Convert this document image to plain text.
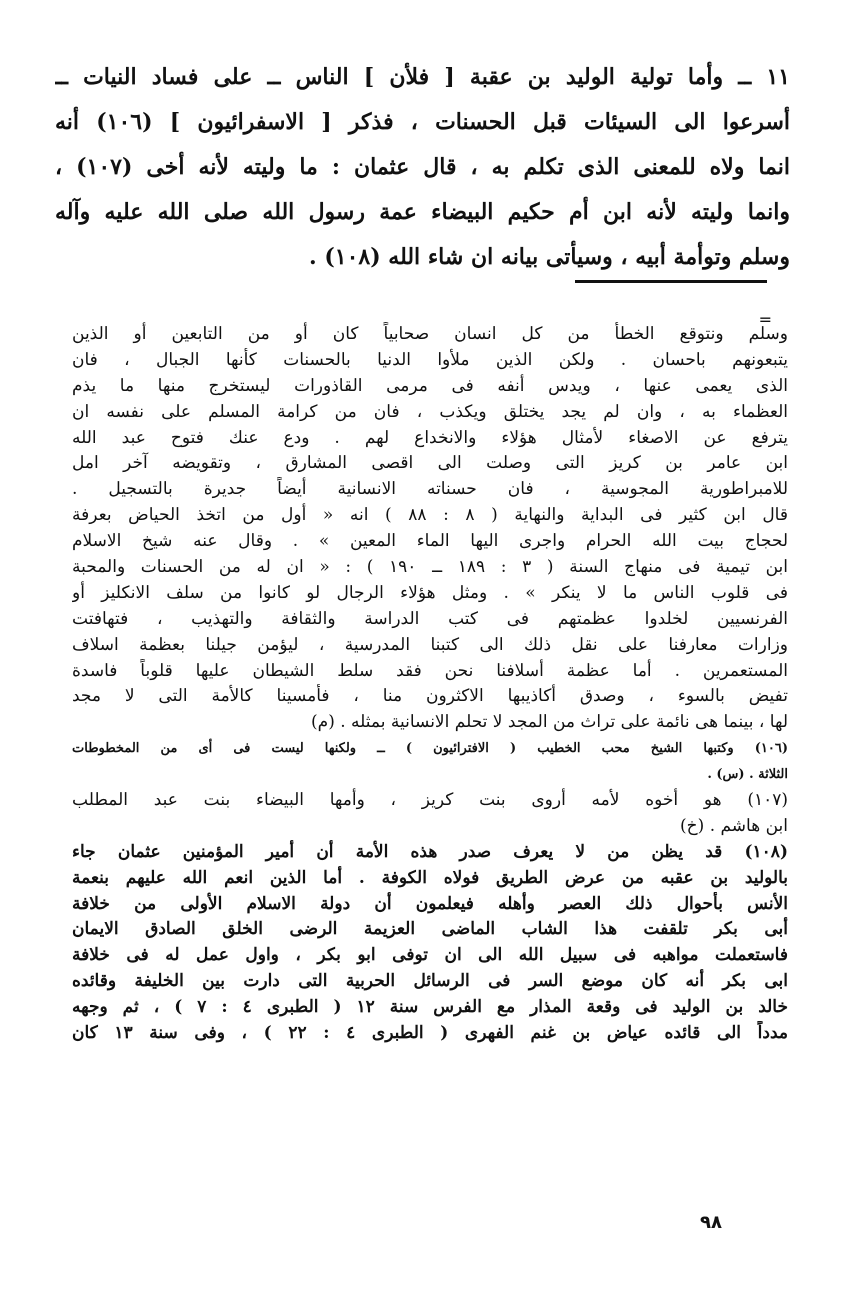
١١ ــ وأما تولية الوليد بن عقبة [ فلأن ] الناس ــ على فساد النيات ــ
أسرعوا الى السيئات قبل الحسنات ، فذكر [ الاسفرائيون ] (١٠٦) أنه
انما ولاه للمعنى الذى تكلم به ، قال عثمان : ما وليته لأنه أخى (١٠٧) ،
وانما وليته لأنه ابن أم حكيم البيضاء عمة رسول الله صلى الله عليه وآله
وسلم وتوأمة أبيه ، وسيأتى بيانه ان شاء الله (١٠٨) .
=
وسلم ونتوقع الخطأ من كل انسان صحابياً كان أو من التابعين أو الذين
يتبعونهم باحسان . ولكن الذين ملأوا الدنيا بالحسنات كأنها الجبال ، فان
الذى يعمى عنها ، ويدس أنفه فى مرمى القاذورات ليستخرج منها ما يذم
العظماء به ، وان لم يجد يختلق ويكذب ، فان من كرامة المسلم على نفسه ان
يترفع عن الاصغاء لأمثال هؤلاء والانخداع لهم . ودع عنك فتوح عبد الله
ابن عامر بن كريز التى وصلت الى اقصى المشارق ، وتقويضه آخر امل
للامبراطورية المجوسية ، فان حسناته الانسانية أيضاً جديرة بالتسجيل .
قال ابن كثير فى البداية والنهاية ( ٨ : ٨٨ ) انه « أول من اتخذ الحياض بعرفة
لحجاج بيت الله الحرام واجرى اليها الماء المعين » . وقال عنه شيخ الاسلام
ابن تيمية فى منهاج السنة ( ٣ : ١٨٩ ــ ١٩٠ ) : « ان له من الحسنات والمحبة
فى قلوب الناس ما لا ينكر » . ومثل هؤلاء الرجال لو كانوا من سلف الانكليز أو
الفرنسيين لخلدوا عظمتهم فى كتب الدراسة والثقافة والتهذيب ، فتهافتت
وزارات معارفنا على نقل ذلك الى كتبنا المدرسية ، ليؤمن جيلنا بعظمة اسلاف
المستعمرين . أما عظمة أسلافنا نحن فقد سلط الشيطان عليها قلوباً فاسدة
تفيض بالسوء ، وصدق أكاذيبها الاكثرون منا ، فأمسينا كالأمة التى لا مجد
لها ، بينما هى نائمة على تراث من المجد لا تحلم الانسانية بمثله . (م)
(١٠٦) وكتبها الشيخ محب الخطيب ( الافترائيون ) ــ ولكنها ليست فى أى من المخطوطات
الثلاثة . (س) .
(١٠٧) هو أخوه لأمه أروى بنت كريز ، وأمها البيضاء بنت عبد المطلب
ابن هاشم . (خ)
(١٠٨) قد يظن من لا يعرف صدر هذه الأمة أن أمير المؤمنين عثمان جاء
بالوليد بن عقبه من عرض الطريق فولاه الكوفة . أما الذين انعم الله عليهم بنعمة
الأنس بأحوال ذلك العصر وأهله فيعلمون أن دولة الاسلام الأولى من خلافة
أبى بكر تلقفت هذا الشاب الماضى العزيمة الرضى الخلق الصادق الايمان
فاستعملت مواهبه فى سبيل الله الى ان توفى ابو بكر ، واول عمل له فى خلافة
ابى بكر أنه كان موضع السر فى الرسائل الحربية التى دارت بين الخليفة وقائده
خالد بن الوليد فى وقعة المذار مع الفرس سنة ١٢ ( الطبرى ٤ : ٧ ) ، ثم وجهه
مدداً الى قائده عياض بن غنم الفهرى ( الطبرى ٤ : ٢٢ ) ، وفى سنة ١٣ كان
٩٨
